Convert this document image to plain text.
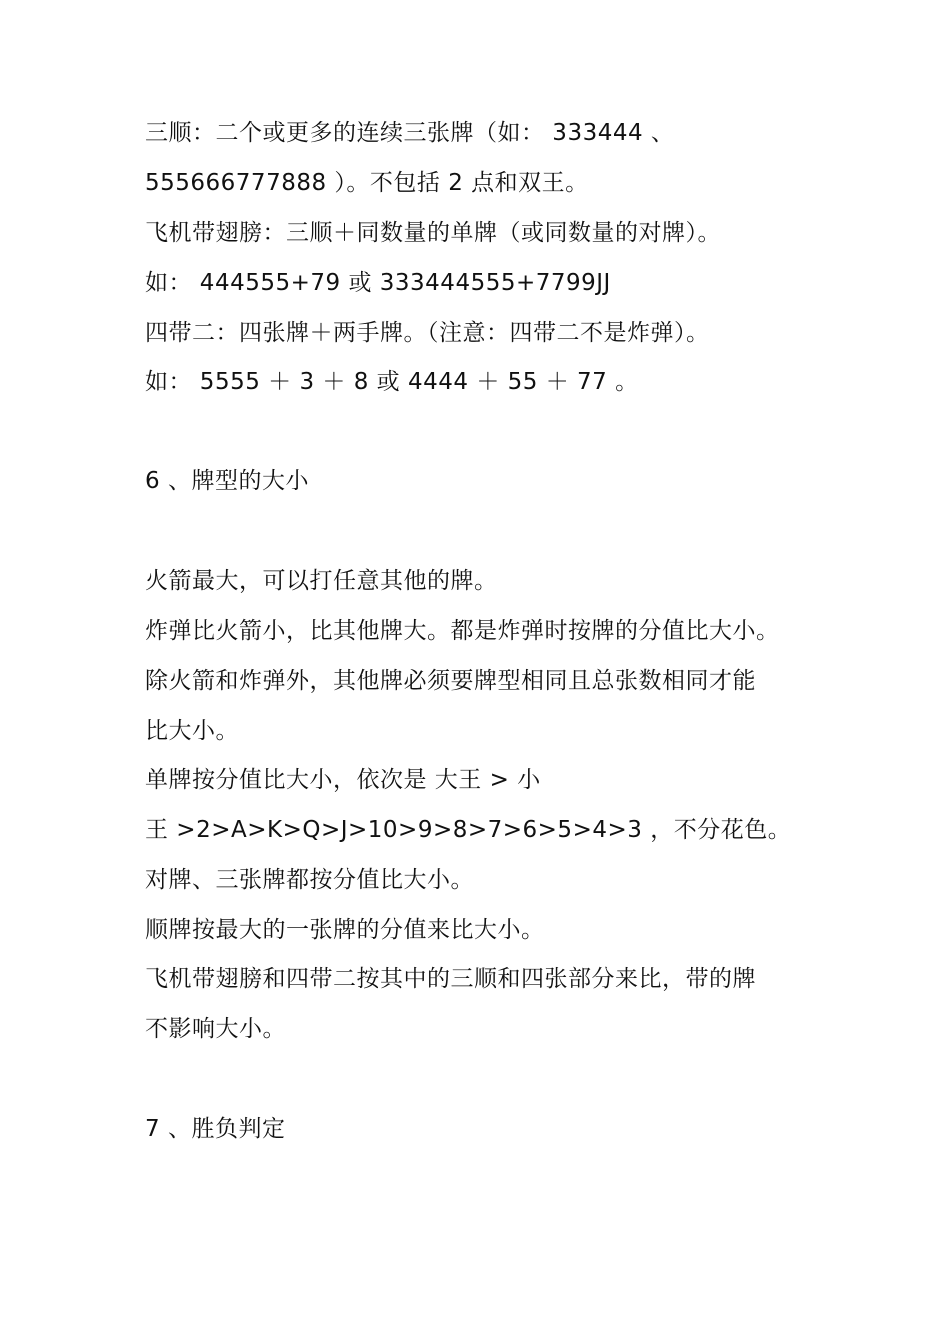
三顺：二个或更多的连续三张牌（如： 333444 、
555666777888 ）。不包括 2 点和双王。
飞机带翅膀：三顺＋同数量的单牌（或同数量的对牌）。
如： 444555+79 或 333444555+7799JJ
四带二：四张牌＋两手牌。（注意：四带二不是炸弹）。
如： 5555 ＋ 3 ＋ 8 或 4444 ＋ 55 ＋ 77 。
6 、牌型的大小
火箭最大，可以打任意其他的牌。
炸弹比火箭小，比其他牌大。都是炸弹时按牌的分值比大小。
除火箭和炸弹外，其他牌必须要牌型相同且总张数相同才能
比大小。
单牌按分值比大小，依次是 大王 > 小
王 >2>A>K>Q>J>10>9>8>7>6>5>4>3 ，不分花色。
对牌、三张牌都按分值比大小。
顺牌按最大的一张牌的分值来比大小。
飞机带翅膀和四带二按其中的三顺和四张部分来比，带的牌
不影响大小。
7 、胜负判定
